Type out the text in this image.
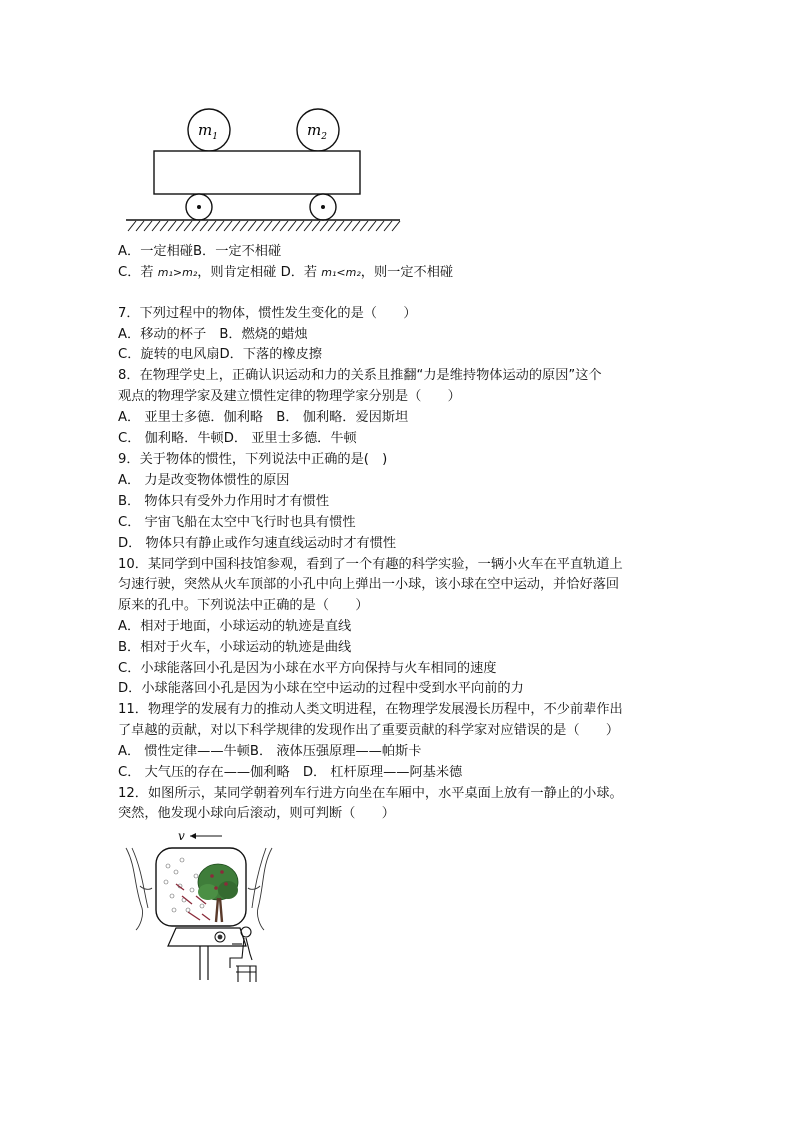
$m_1$	$m_2$
A．一定相碰B．一定不相碰
C．若 m₁>m₂，则肯定相碰 D．若 m₁<m₂，则一定不相碰
7．下列过程中的物体，惯性发生变化的是（　　）
A．移动的杯子　B．燃烧的蜡烛
C．旋转的电风扇D．下落的橡皮擦
8．在物理学史上，正确认识运动和力的关系且推翻“力是维持物体运动的原因”这个
观点的物理学家及建立惯性定律的物理学家分别是（　　）
A． 亚里士多德．伽利略　B． 伽利略．爱因斯坦
C． 伽利略．牛顿D． 亚里士多德．牛顿
9．关于物体的惯性，下列说法中正确的是(　)
A． 力是改变物体惯性的原因
B． 物体只有受外力作用时才有惯性
C． 宇宙飞船在太空中飞行时也具有惯性
D． 物体只有静止或作匀速直线运动时才有惯性
10．某同学到中国科技馆参观，看到了一个有趣的科学实验，一辆小火车在平直轨道上
匀速行驶，突然从火车顶部的小孔中向上弹出一小球，该小球在空中运动，并恰好落回
原来的孔中。下列说法中正确的是（　　）
A．相对于地面，小球运动的轨迹是直线
B．相对于火车，小球运动的轨迹是曲线
C．小球能落回小孔是因为小球在水平方向保持与火车相同的速度
D．小球能落回小孔是因为小球在空中运动的过程中受到水平向前的力
11．物理学的发展有力的推动人类文明进程，在物理学发展漫长历程中，不少前辈作出
了卓越的贡献，对以下科学规律的发现作出了重要贡献的科学家对应错误的是（　　）
A． 惯性定律——牛顿B． 液体压强原理——帕斯卡
C． 大气压的存在——伽利略　D． 杠杆原理——阿基米德
12．如图所示，某同学朝着列车行进方向坐在车厢中，水平桌面上放有一静止的小球。
突然，他发现小球向后滚动，则可判断（　　）
v
